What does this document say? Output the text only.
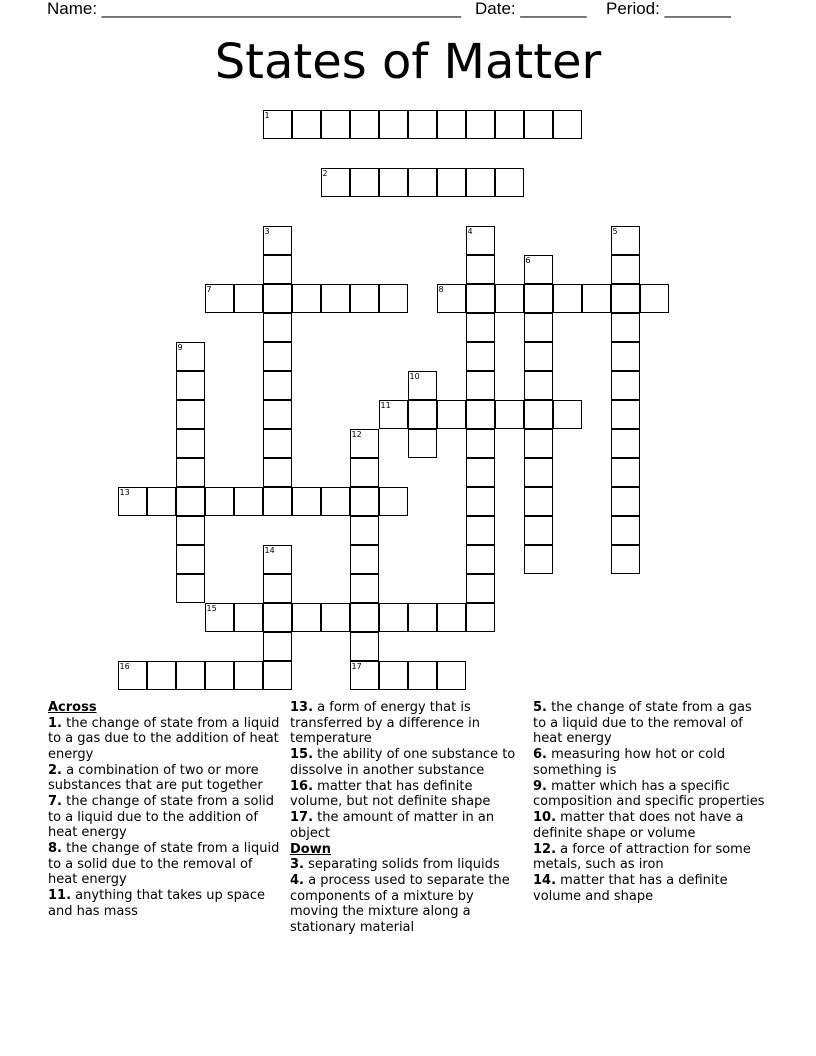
Name: ______________________________________ Date: _______ Period: _______
States of Matter
1
2
3	4	5
6
7	8
9
10
11
12
17
13
14
15
16
Across
1. the change of state from a liquid to a gas due to the addition of heat energy
2. a combination of two or more substances that are put together
7. the change of state from a solid to a liquid due to the addition of heat energy
8. the change of state from a liquid to a solid due to the removal of heat energy
11. anything that takes up space and has mass
13. a form of energy that is transferred by a difference in temperature
15. the ability of one substance to dissolve in another substance
16. matter that has definite volume, but not definite shape
17. the amount of matter in an object
Down
3. separating solids from liquids
4. a process used to separate the components of a mixture by moving the mixture along a stationary material
5. the change of state from a gas to a liquid due to the removal of heat energy
6. measuring how hot or cold something is
9. matter which has a specific composition and specific properties
10. matter that does not have a definite shape or volume
12. a force of attraction for some metals, such as iron
14. matter that has a definite volume and shape
